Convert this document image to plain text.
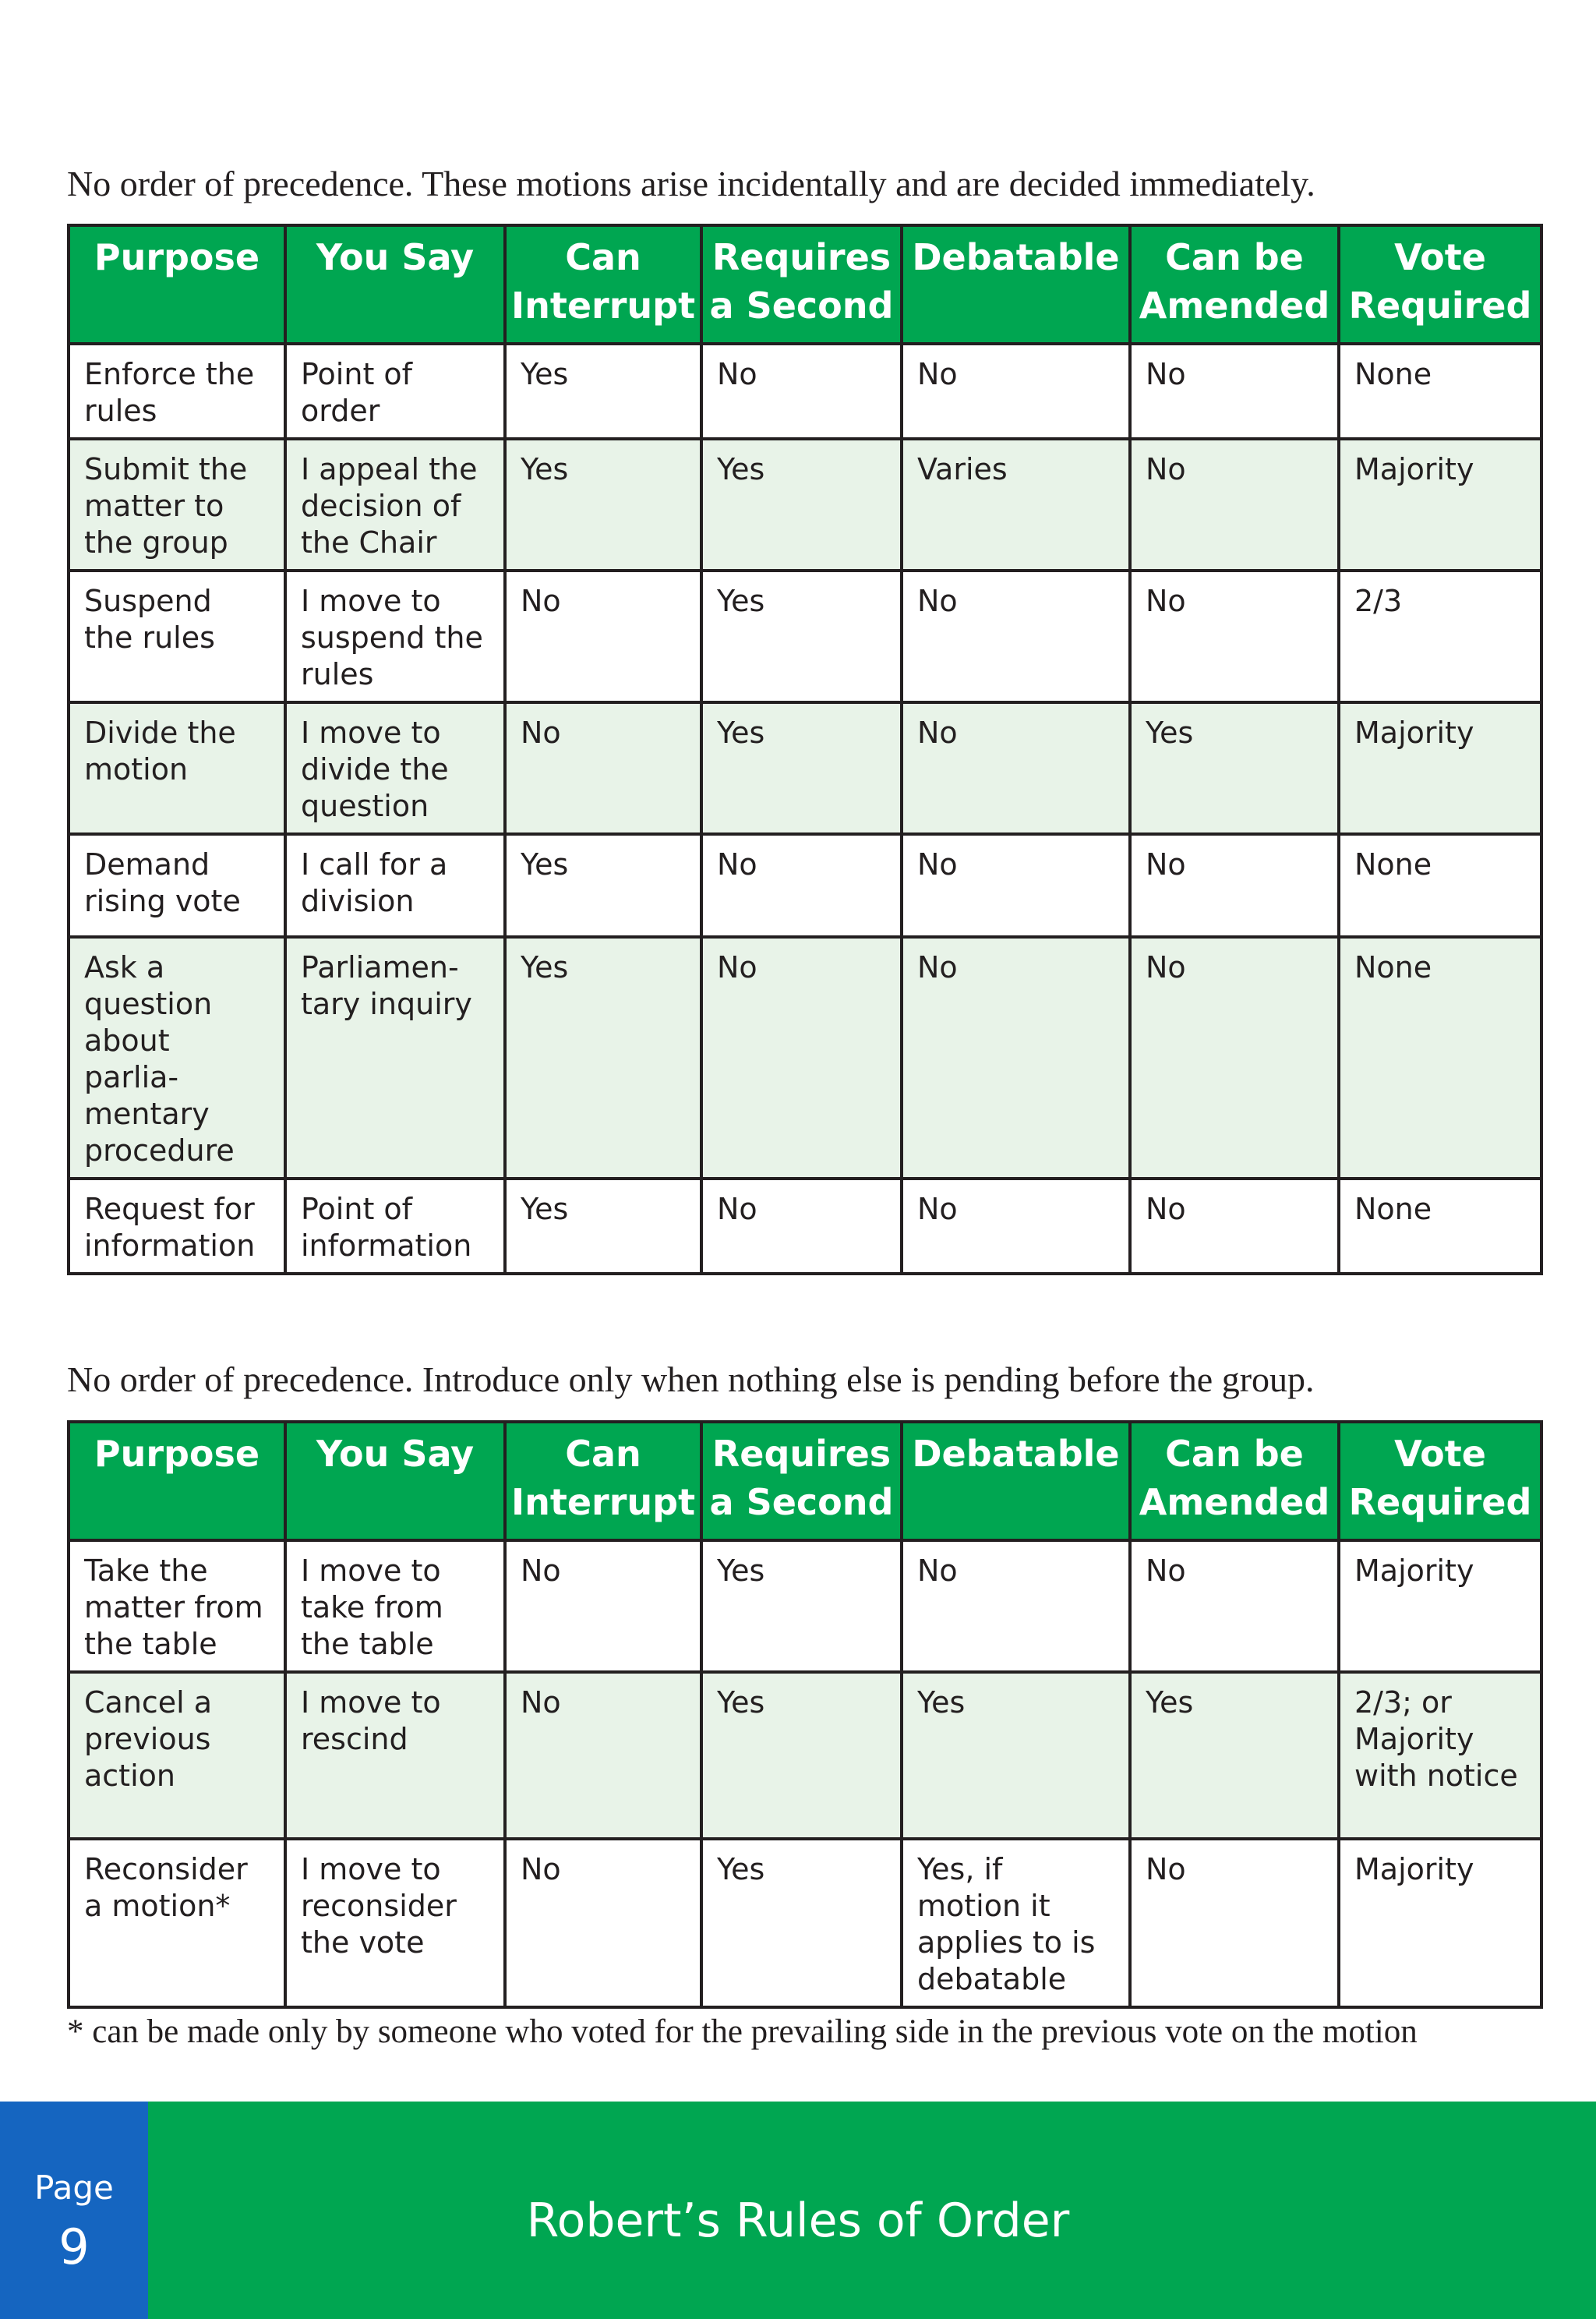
No order of precedence. These motions arise incidentally and are decided immediately.

Purpose	You Say	Can Interrupt	Requires a Second	Debatable	Can be Amended	Vote Required
Enforce the rules	Point of order	Yes	No	No	No	None
Submit the matter to the group	I appeal the decision of the Chair	Yes	Yes	Varies	No	Majority
Suspend the rules	I move to suspend the rules	No	Yes	No	No	2/3
Divide the motion	I move to divide the question	No	Yes	No	Yes	Majority
Demand rising vote	I call for a division	Yes	No	No	No	None
Ask a question about parlia-mentary procedure	Parliamen-tary inquiry	Yes	No	No	No	None
Request for information	Point of information	Yes	No	No	No	None

No order of precedence. Introduce only when nothing else is pending before the group.

Purpose	You Say	Can Interrupt	Requires a Second	Debatable	Can be Amended	Vote Required
Take the matter from the table	I move to take from the table	No	Yes	No	No	Majority
Cancel a previous action	I move to rescind	No	Yes	Yes	Yes	2/3; or Majority with notice
Reconsider a motion*	I move to reconsider the vote	No	Yes	Yes, if motion it applies to is debatable	No	Majority

* can be made only by someone who voted for the prevailing side in the previous vote on the motion

Page
9	Robert’s Rules of Order
